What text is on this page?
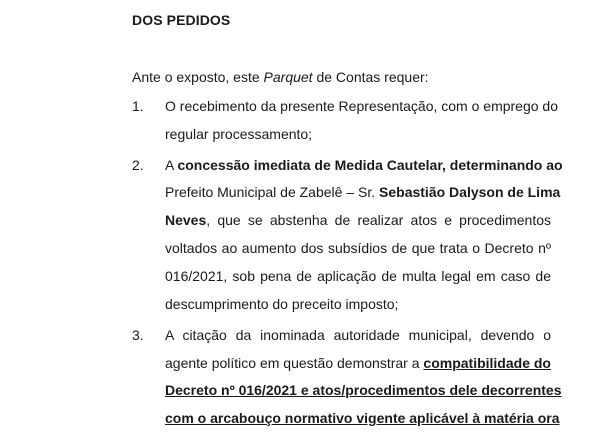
DOS PEDIDOS
Ante o exposto, este Parquet de Contas requer:
1. O recebimento da presente Representação, com o emprego do
regular processamento;
2. A concessão imediata de Medida Cautelar, determinando ao
Prefeito Municipal de Zabelê – Sr. Sebastião Dalyson de Lima
Neves, que se abstenha de realizar atos e procedimentos
voltados ao aumento dos subsídios de que trata o Decreto nº
016/2021, sob pena de aplicação de multa legal em caso de
descumprimento do preceito imposto;
3. A citação da inominada autoridade municipal, devendo o
agente político em questão demonstrar a compatibilidade do
Decreto nº 016/2021 e atos/procedimentos dele decorrentes
com o arcabouço normativo vigente aplicável à matéria ora
